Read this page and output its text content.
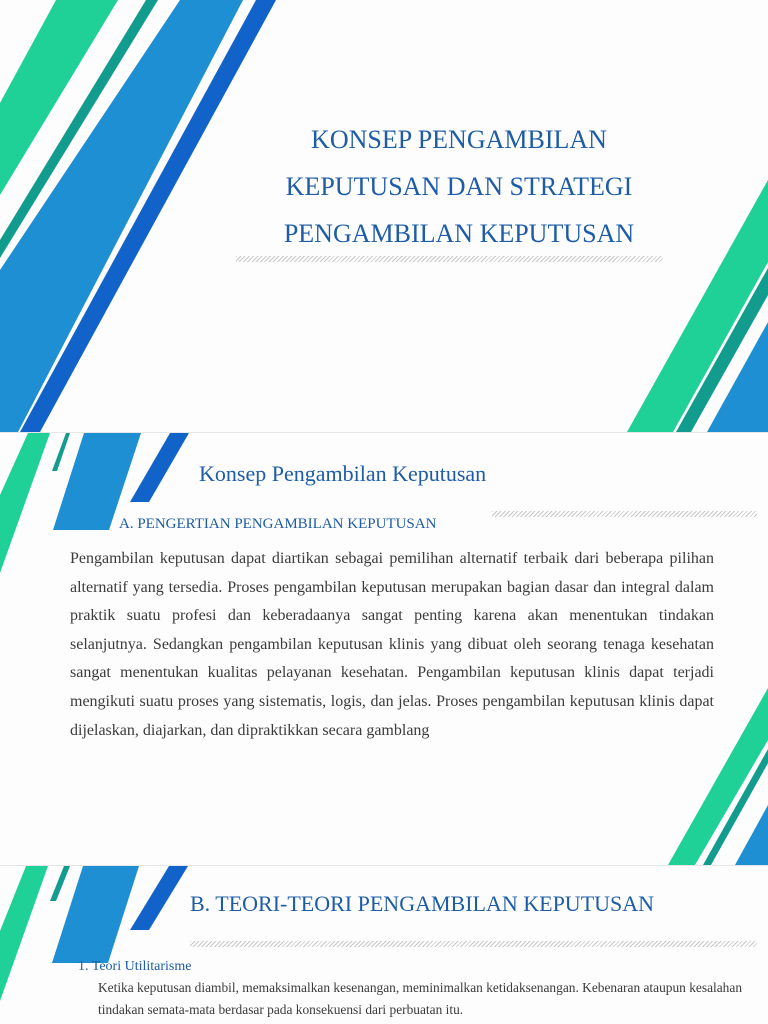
KONSEP PENGAMBILAN
KEPUTUSAN DAN STRATEGI
PENGAMBILAN KEPUTUSAN
Konsep Pengambilan Keputusan
A. PENGERTIAN PENGAMBILAN KEPUTUSAN

Pengambilan keputusan dapat diartikan sebagai pemilihan alternatif terbaik dari beberapa pilihan alternatif yang tersedia. Proses pengambilan keputusan merupakan bagian dasar dan integral dalam praktik suatu profesi dan keberadaanya sangat penting karena akan menentukan tindakan selanjutnya. Sedangkan pengambilan keputusan klinis yang dibuat oleh seorang tenaga kesehatan sangat menentukan kualitas pelayanan kesehatan. Pengambilan keputusan klinis dapat terjadi mengikuti suatu proses yang sistematis, logis, dan jelas. Proses pengambilan keputusan klinis dapat dijelaskan, diajarkan, dan dipraktikkan secara gamblang

B. TEORI-TEORI PENGAMBILAN KEPUTUSAN
1. Teori Utilitarisme

Ketika keputusan diambil, memaksimalkan kesenangan, meminimalkan ketidaksenangan. Kebenaran ataupun kesalahan tindakan semata-mata berdasar pada konsekuensi dari perbuatan itu.
